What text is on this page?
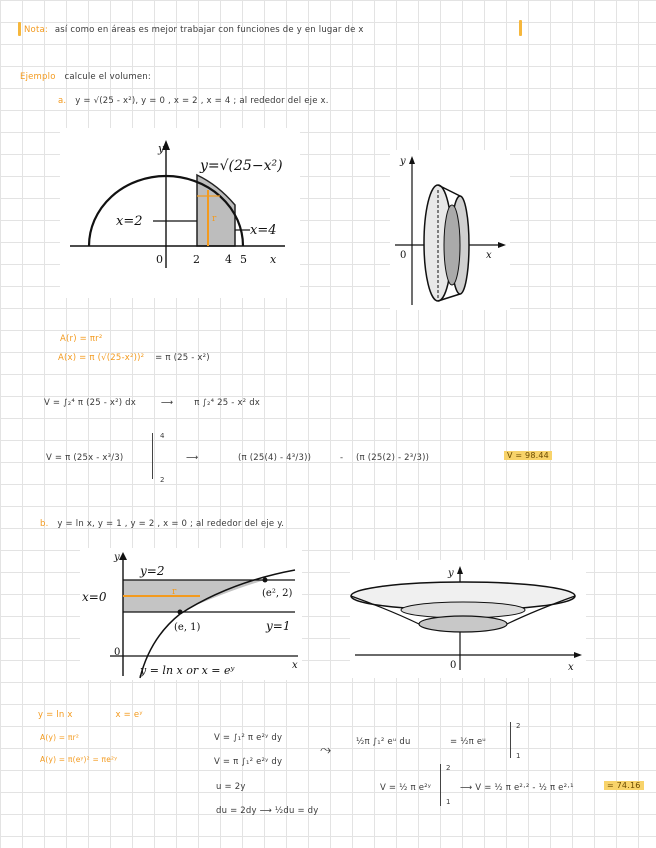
Nota: así como en áreas es mejor trabajar con funciones de y en lugar de x
Ejemplo calcule el volumen:
a. y = √(25 - x²), y = 0 , x = 2 , x = 4 ; al rededor del eje x.
r
y
y=√(25−x²)
x=2
x=4
0	2 4 5 x
y
0	x
A(r) = πr²
A(x) = π (√(25-x²))² = π (25 - x²)
V = ∫₂⁴ π (25 - x²) dx	⟶ π ∫₂⁴ 25 - x² dx
V = π (25x - x³/3)
4
2
⟶	(π (25(4) - 4³/3))	- (π (25(2) - 2³/3))	V = 98.44
b. y = ln x, y = 1 , y = 2 , x = 0 ; al rededor del eje y.
r
y
y=2
x=0	(e², 2)
(e, 1)	y=1
0
x
y = ln x or x = eʸ
y
0	x
y = ln x	x = eʸ
A(y) = πr²
A(y) = π(eʸ)² = πe²ʸ
V = ∫₁² π e²ʸ dy
V = π ∫₁² e²ʸ dy
⤳	½π ∫₁² eᵘ du	= ½π eᵘ
2
1
u = 2y
du = 2dy ⟶ ½du = dy
V = ½ π e²ʸ
2
1
⟶ V = ½ π e²·² - ½ π e²·¹	= 74.16
